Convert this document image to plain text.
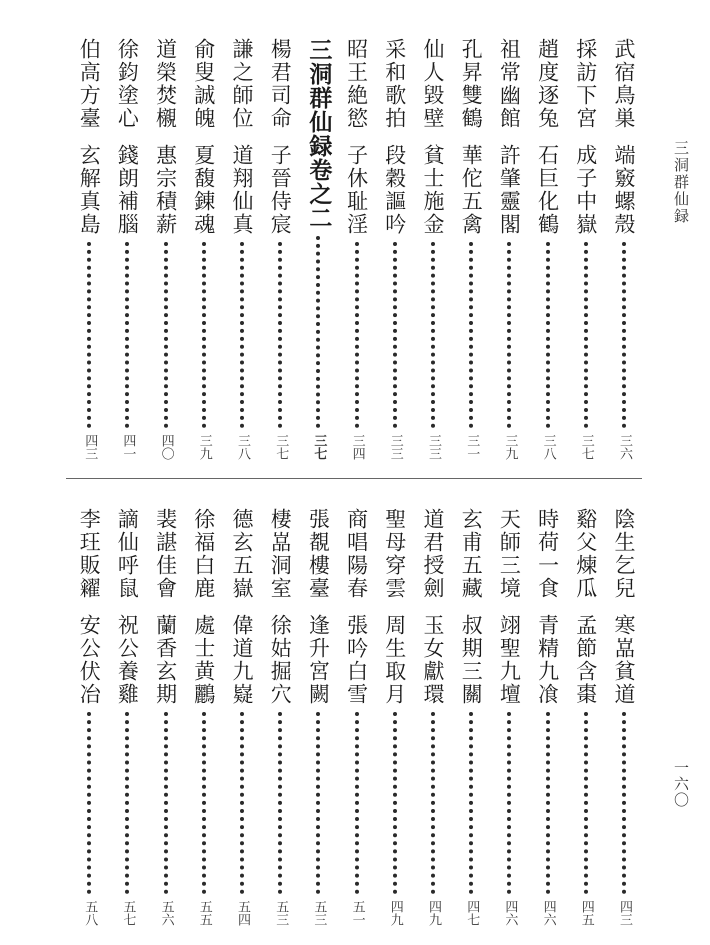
三洞群仙録
一六〇
武宿鳥巣
端竅螺殼
三六
採訪下宮
成子中嶽
三七
趙度逐兔
石巨化鶴
三八
祖常幽館
許肇靈閣
三九
孔昇雙鶴
華佗五禽
三一
仙人毀壁
貧士施金
三三
采和歌拍
段穀謳吟
三三
昭王絶慾
子休耻淫
三四
三洞群仙録卷之二
三七
楊君司命
子晉侍宸
三七
謙之師位
道翔仙真
三八
俞叟誠魄
夏馥錬魂
三九
道榮焚櫬
惠宗積薪
四〇
徐鈞塗心
錢朗補腦
四一
伯高方臺
玄解真島
四三
陰生乞兒
寒嵓貧道
四三
谿父煉瓜
孟節含棗
四五
時荷一食
青精九飡
四六
天師三境
翊聖九壇
四六
玄甫五藏
叔期三關
四七
道君授劍
玉女獻環
四九
聖母穿雲
周生取月
四九
商唱陽春
張吟白雪
五一
張覩樓臺
逢升宮闕
五三
棲嵓洞室
徐姑掘穴
五三
德玄五嶽
偉道九嶷
五四
徐福白鹿
處士黄鸝
五五
裴諶佳會
蘭香玄期
五六
謫仙呼鼠
祝公養雞
五七
李玨販糴
安公伏冶
五八
